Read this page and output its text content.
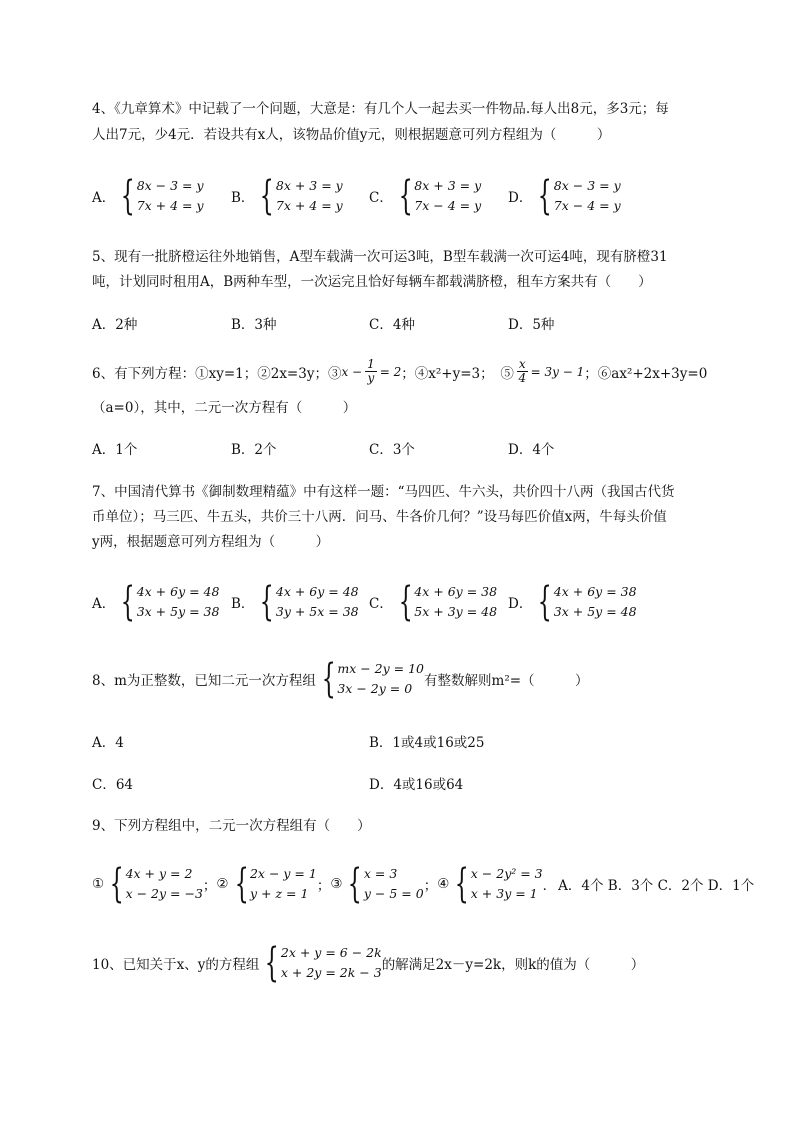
4、《九章算术》中记载了一个问题，大意是：有几个人一起去买一件物品.每人出8元，多3元；每
人出7元，少4元．若设共有x人，该物品价值y元，则根据题意可列方程组为（　　　）
A． { 8x − 3 = y
7x + 4 = y B． { 8x + 3 = y
7x + 4 = y C． { 8x + 3 = y
7x − 4 = y D． { 8x − 3 = y
7x − 4 = y
5、现有一批脐橙运往外地销售，A型车载满一次可运3吨，B型车载满一次可运4吨，现有脐橙31
吨，计划同时租用A，B两种车型，一次运完且恰好每辆车都载满脐橙，租车方案共有（　　）
A．2种	B．3种	C．4种	D．5种
6、有下列方程：①xy=1；②2x=3y；③ $x - \frac{1}{y} = 2$ ；④x²+y=3；　⑤ $\frac{x}{4} = 3y - 1$ ；⑥ax²+2x+3y=0
（a=0），其中，二元一次方程有（　　　）
A．1个	B．2个	C．3个	D．4个
7、中国清代算书《御制数理精蕴》中有这样一题：“马四匹、牛六头，共价四十八两（我国古代货
币单位）；马三匹、牛五头，共价三十八两．问马、牛各价几何？”设马每匹价值x两，牛每头价值
y两，根据题意可列方程组为（　　　）
A． { 4x + 6y = 48
3x + 5y = 38 B． { 4x + 6y = 48
3y + 5x = 38 C． { 4x + 6y = 38
5x + 3y = 48 D． { 4x + 6y = 38
3x + 5y = 48
8、m为正整数，已知二元一次方程组 { mx − 2y = 10
3x − 2y = 0 有整数解则m²=（　　　）
A．4	B．1或4或16或25
C．64	D．4或16或64
9、下列方程组中，二元一次方程组有（　　）
① { 4x + y = 2
x − 2y = −3 ； ② { 2x − y = 1
y + z = 1 ； ③ { x = 3
y − 5 = 0 ； ④ { x − 2y² = 3
x + 3y = 1 ． A．4个 B．3个 C．2个 D．1个
10、已知关于x、y的方程组 { 2x + y = 6 − 2k
x + 2y = 2k − 3 的解满足2x－y=2k，则k的值为（　　　）
